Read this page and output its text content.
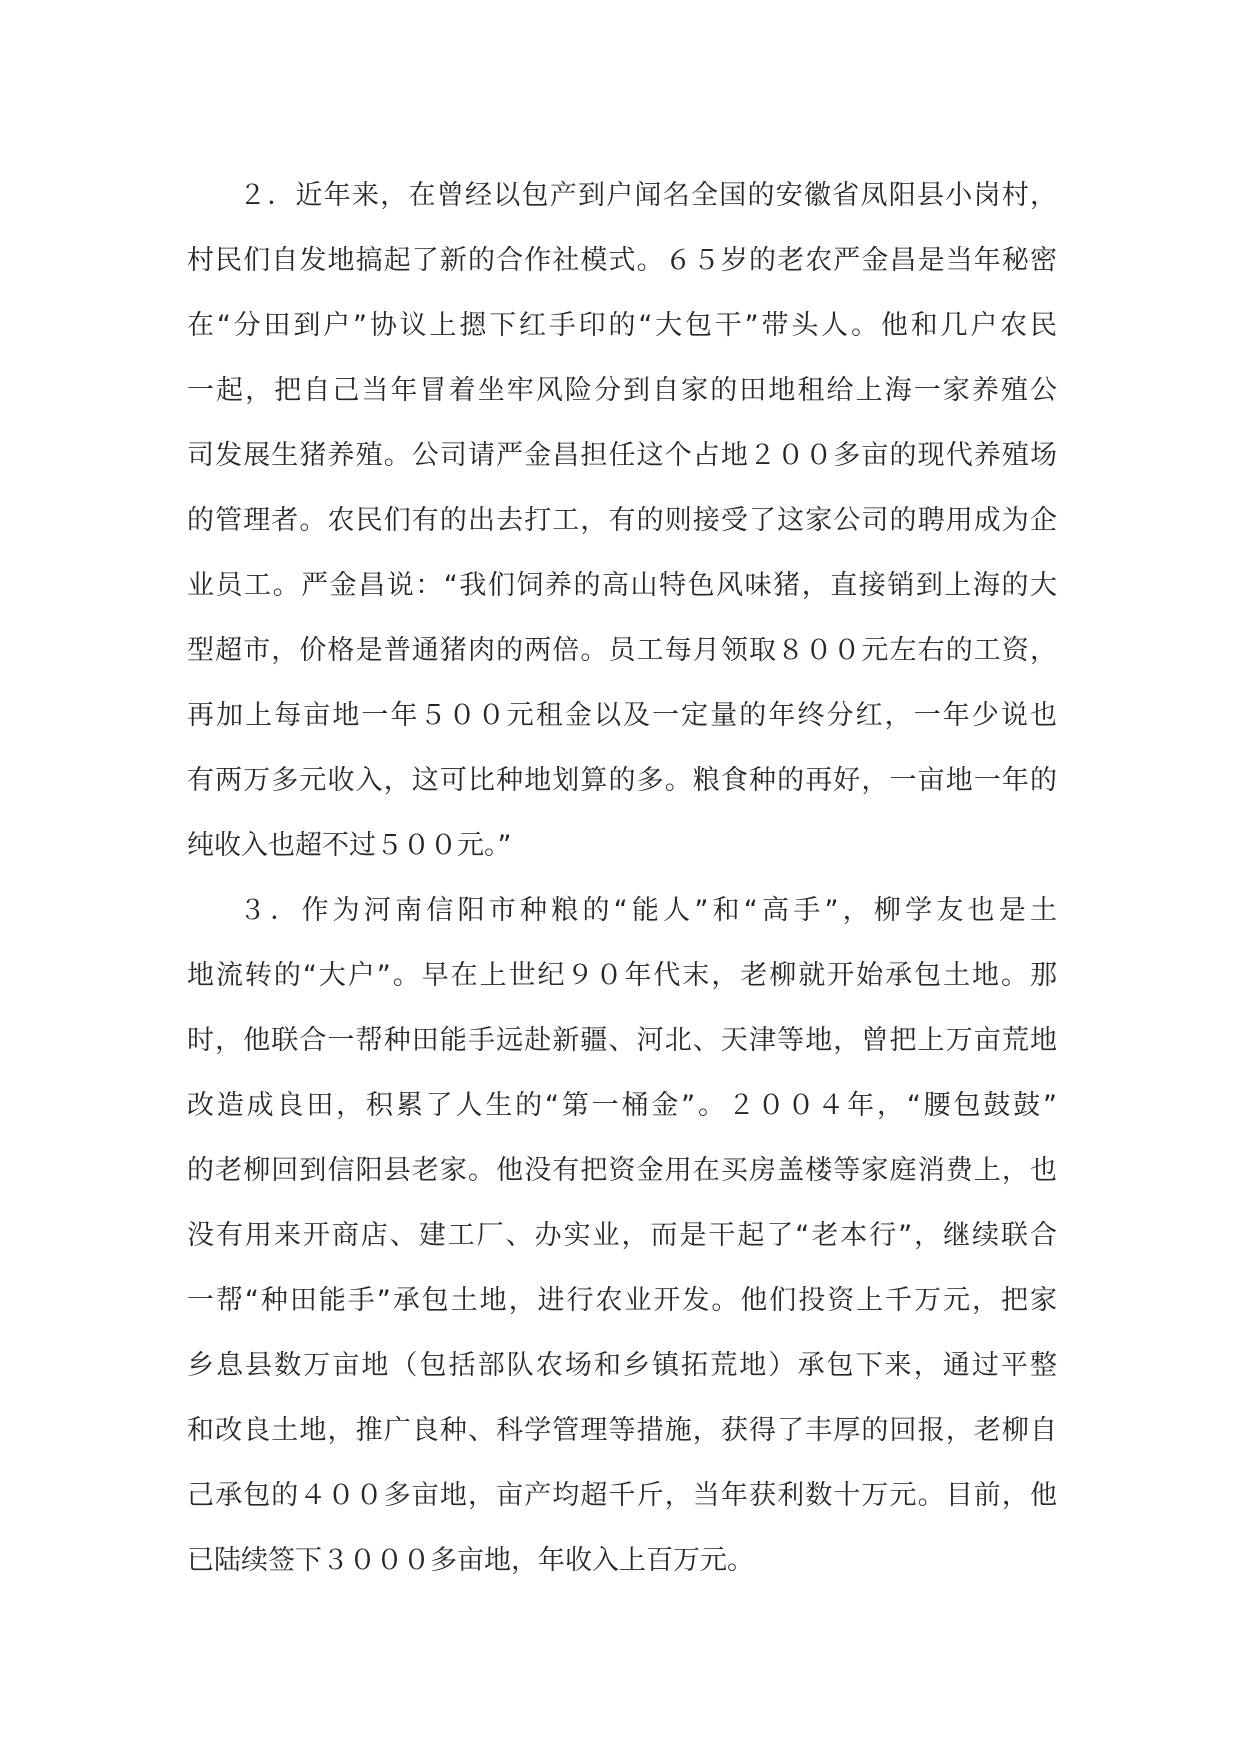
２．近年来，在曾经以包产到户闻名全国的安徽省凤阳县小岗村，
村民们自发地搞起了新的合作社模式。６５岁的老农严金昌是当年秘密
在“分田到户”协议上摁下红手印的“大包干”带头人。他和几户农民
一起，把自己当年冒着坐牢风险分到自家的田地租给上海一家养殖公
司发展生猪养殖。公司请严金昌担任这个占地２００多亩的现代养殖场
的管理者。农民们有的出去打工，有的则接受了这家公司的聘用成为企
业员工。严金昌说：“我们饲养的高山特色风味猪，直接销到上海的大
型超市，价格是普通猪肉的两倍。员工每月领取８００元左右的工资，
再加上每亩地一年５００元租金以及一定量的年终分红，一年少说也
有两万多元收入，这可比种地划算的多。粮食种的再好，一亩地一年的
纯收入也超不过５００元。”
３．作为河南信阳市种粮的“能人”和“高手”，柳学友也是土
地流转的“大户”。早在上世纪９０年代末，老柳就开始承包土地。那
时，他联合一帮种田能手远赴新疆、河北、天津等地，曾把上万亩荒地
改造成良田，积累了人生的“第一桶金”。２００４年，“腰包鼓鼓”
的老柳回到信阳县老家。他没有把资金用在买房盖楼等家庭消费上，也
没有用来开商店、建工厂、办实业，而是干起了“老本行”，继续联合
一帮“种田能手”承包土地，进行农业开发。他们投资上千万元，把家
乡息县数万亩地（包括部队农场和乡镇拓荒地）承包下来，通过平整
和改良土地，推广良种、科学管理等措施，获得了丰厚的回报，老柳自
己承包的４００多亩地，亩产均超千斤，当年获利数十万元。目前，他
已陆续签下３０００多亩地，年收入上百万元。
